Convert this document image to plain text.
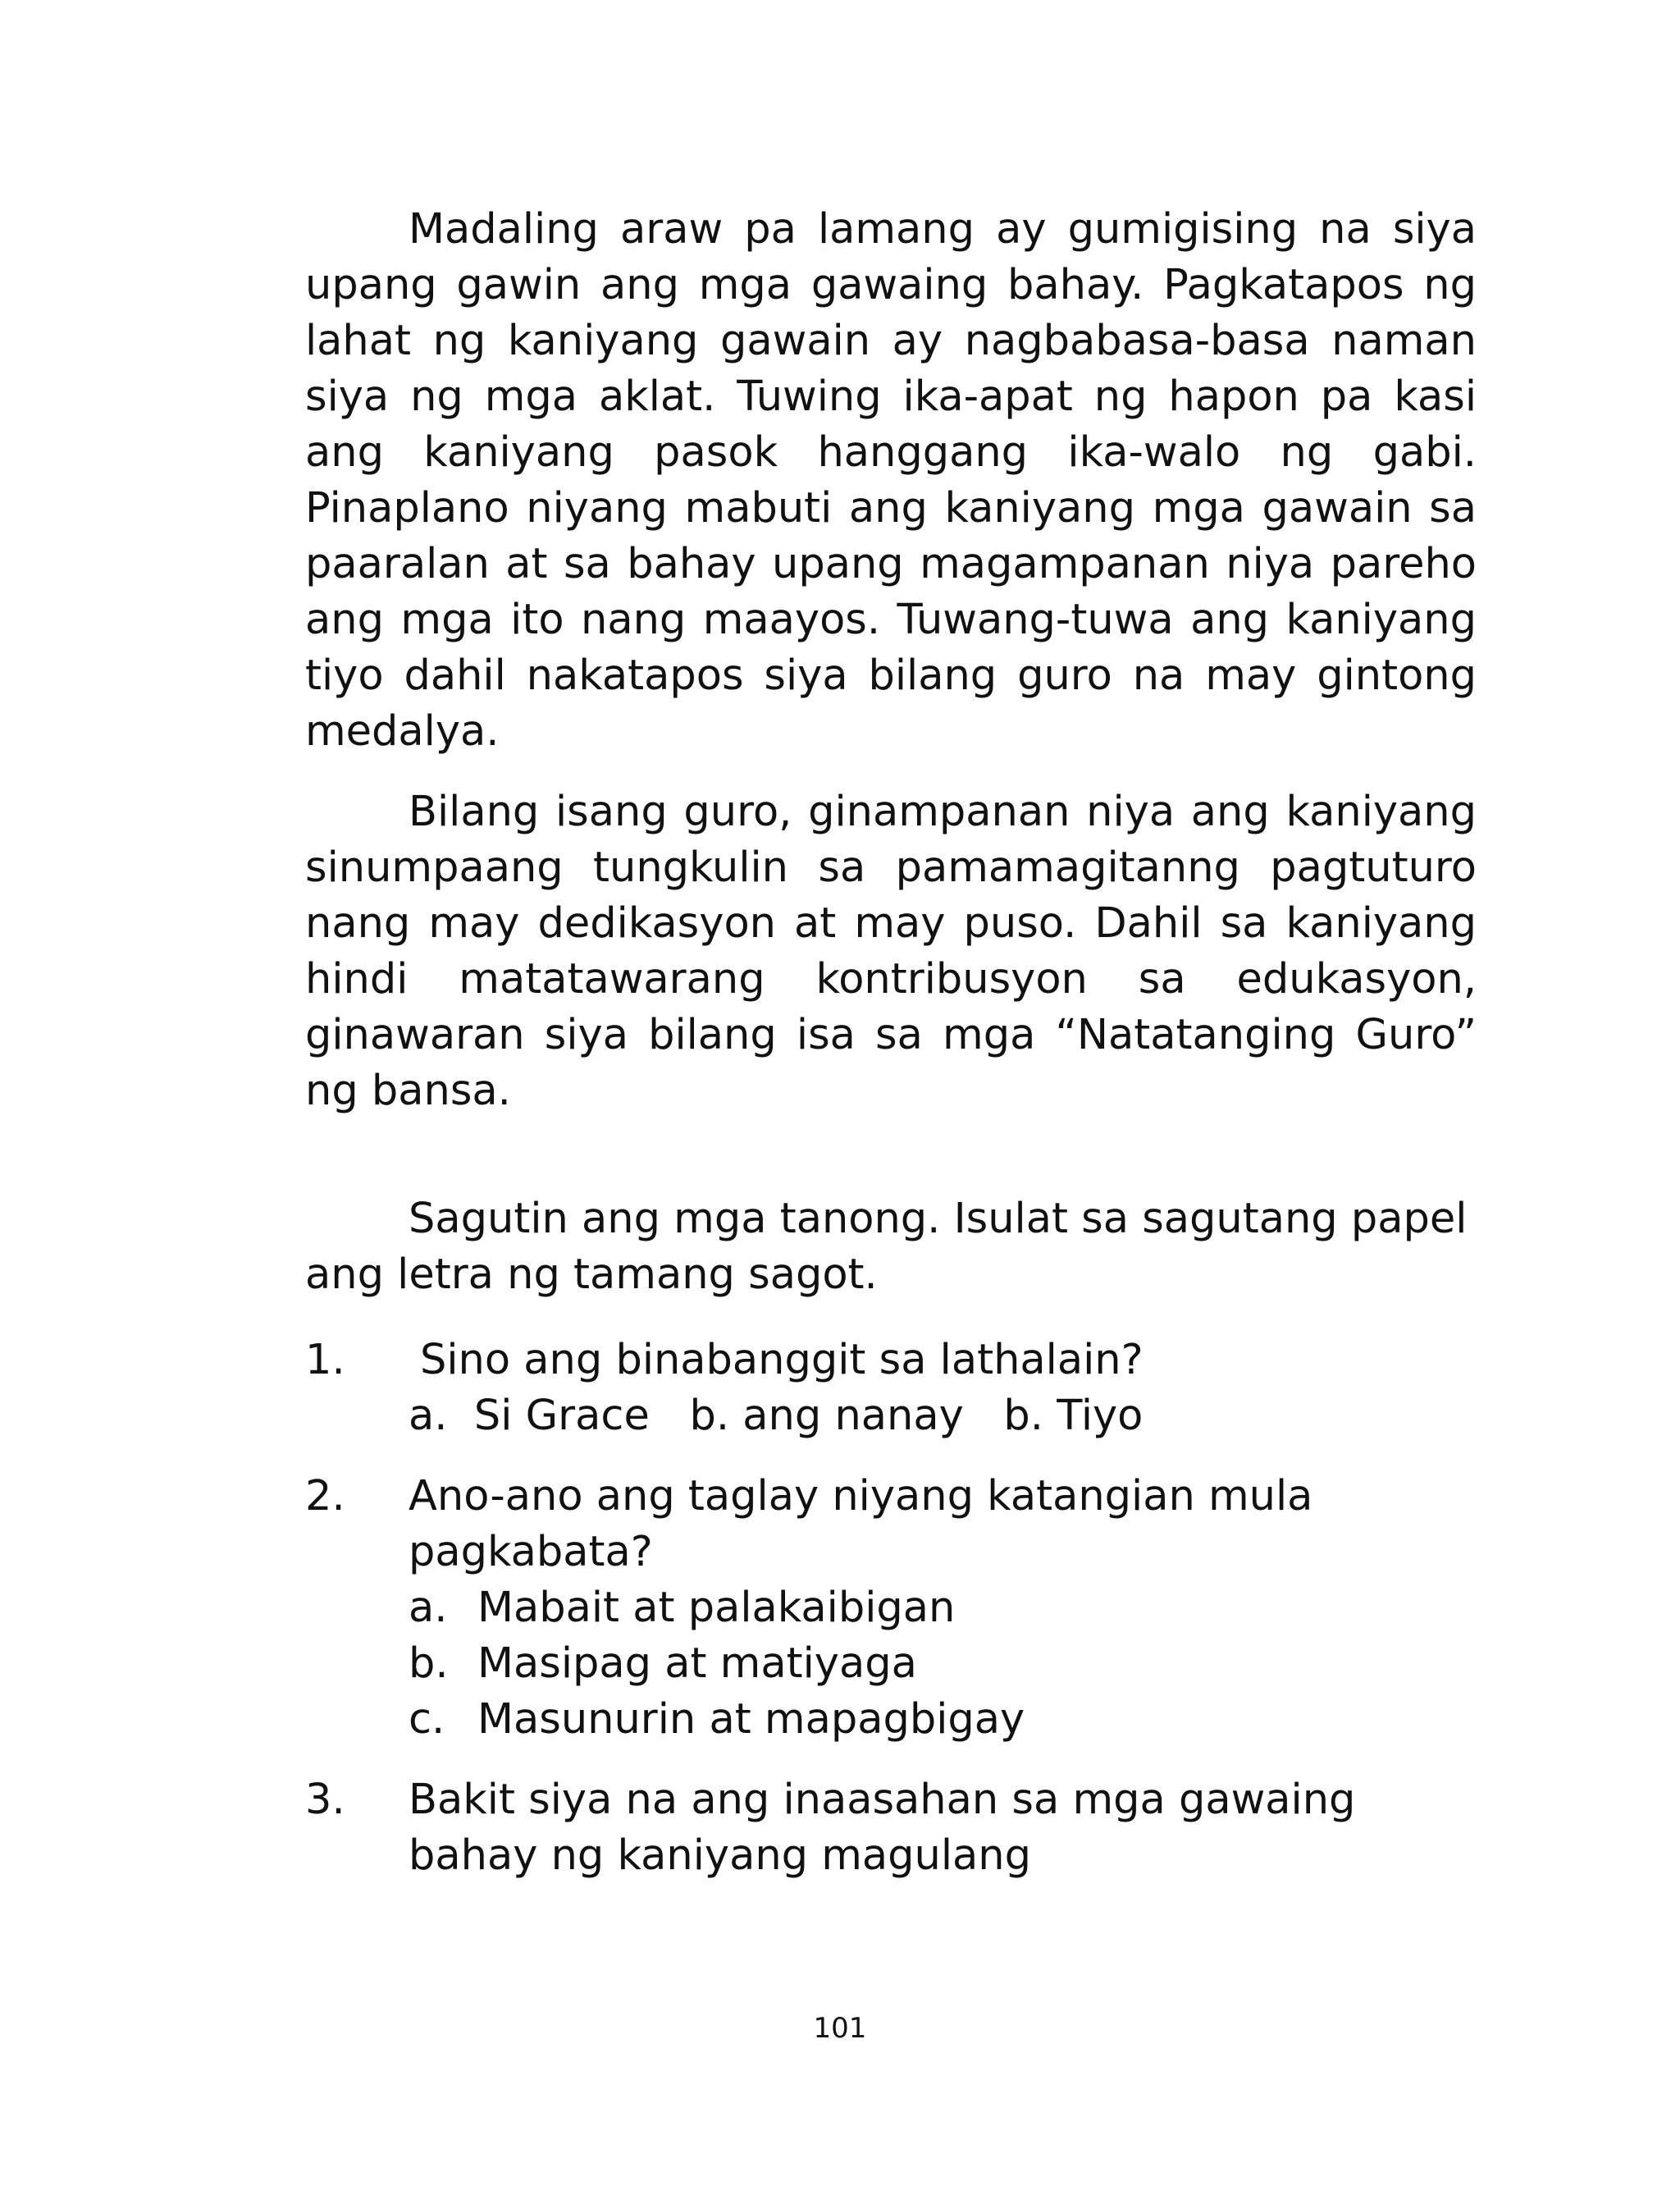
Madaling araw pa lamang ay gumigising na siya upang gawin ang mga gawaing bahay. Pagkatapos ng lahat ng kaniyang gawain ay nagbabasa-basa naman siya ng mga aklat. Tuwing ika-apat ng hapon pa kasi ang kaniyang pasok hanggang ika-walo ng gabi. Pinaplano niyang mabuti ang kaniyang mga gawain sa paaralan at sa bahay upang magampanan niya pareho ang mga ito nang maayos. Tuwang-tuwa ang kaniyang tiyo dahil nakatapos siya bilang guro na may gintong medalya.

Bilang isang guro, ginampanan niya ang kaniyang sinumpaang tungkulin sa pamamagitanng pagtuturo nang may dedikasyon at may puso. Dahil sa kaniyang hindi matatawarang kontribusyon sa edukasyon, ginawaran siya bilang isa sa mga “Natatanging Guro” ng bansa.

Sagutin ang mga tanong. Isulat sa sagutang papel ang letra ng tamang sagot.

1. Sino ang binabanggit sa lathalain?
a. Si Grace b. ang nanay b. Tiyo
2. Ano-ano ang taglay niyang katangian mula pagkabata?
a. Mabait at palakaibigan
b. Masipag at matiyaga
c. Masunurin at mapagbigay
3. Bakit siya na ang inaasahan sa mga gawaing bahay ng kaniyang magulang
101
